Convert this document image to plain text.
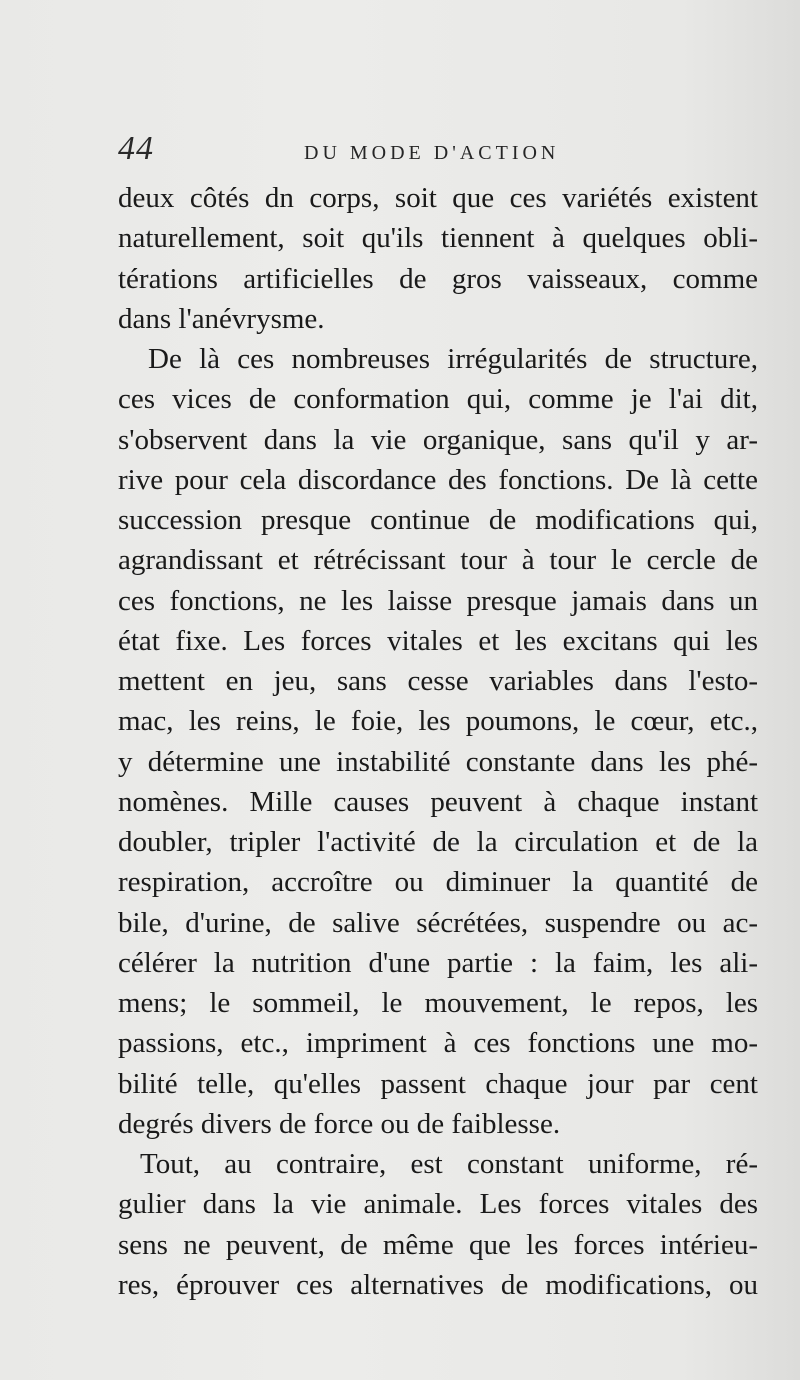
44	DU MODE D'ACTION
deux côtés dn corps, soit que ces variétés existent
naturellement, soit qu'ils tiennent à quelques obli-
térations artificielles de gros vaisseaux, comme
dans l'anévrysme.
De là ces nombreuses irrégularités de structure,
ces vices de conformation qui, comme je l'ai dit,
s'observent dans la vie organique, sans qu'il y ar-
rive pour cela discordance des fonctions. De là cette
succession presque continue de modifications qui,
agrandissant et rétrécissant tour à tour le cercle de
ces fonctions, ne les laisse presque jamais dans un
état fixe. Les forces vitales et les excitans qui les
mettent en jeu, sans cesse variables dans l'esto-
mac, les reins, le foie, les poumons, le cœur, etc.,
y détermine une instabilité constante dans les phé-
nomènes. Mille causes peuvent à chaque instant
doubler, tripler l'activité de la circulation et de la
respiration, accroître ou diminuer la quantité de
bile, d'urine, de salive sécrétées, suspendre ou ac-
célérer la nutrition d'une partie : la faim, les ali-
mens; le sommeil, le mouvement, le repos, les
passions, etc., impriment à ces fonctions une mo-
bilité telle, qu'elles passent chaque jour par cent
degrés divers de force ou de faiblesse.
Tout, au contraire, est constant uniforme, ré-
gulier dans la vie animale. Les forces vitales des
sens ne peuvent, de même que les forces intérieu-
res, éprouver ces alternatives de modifications, ou
